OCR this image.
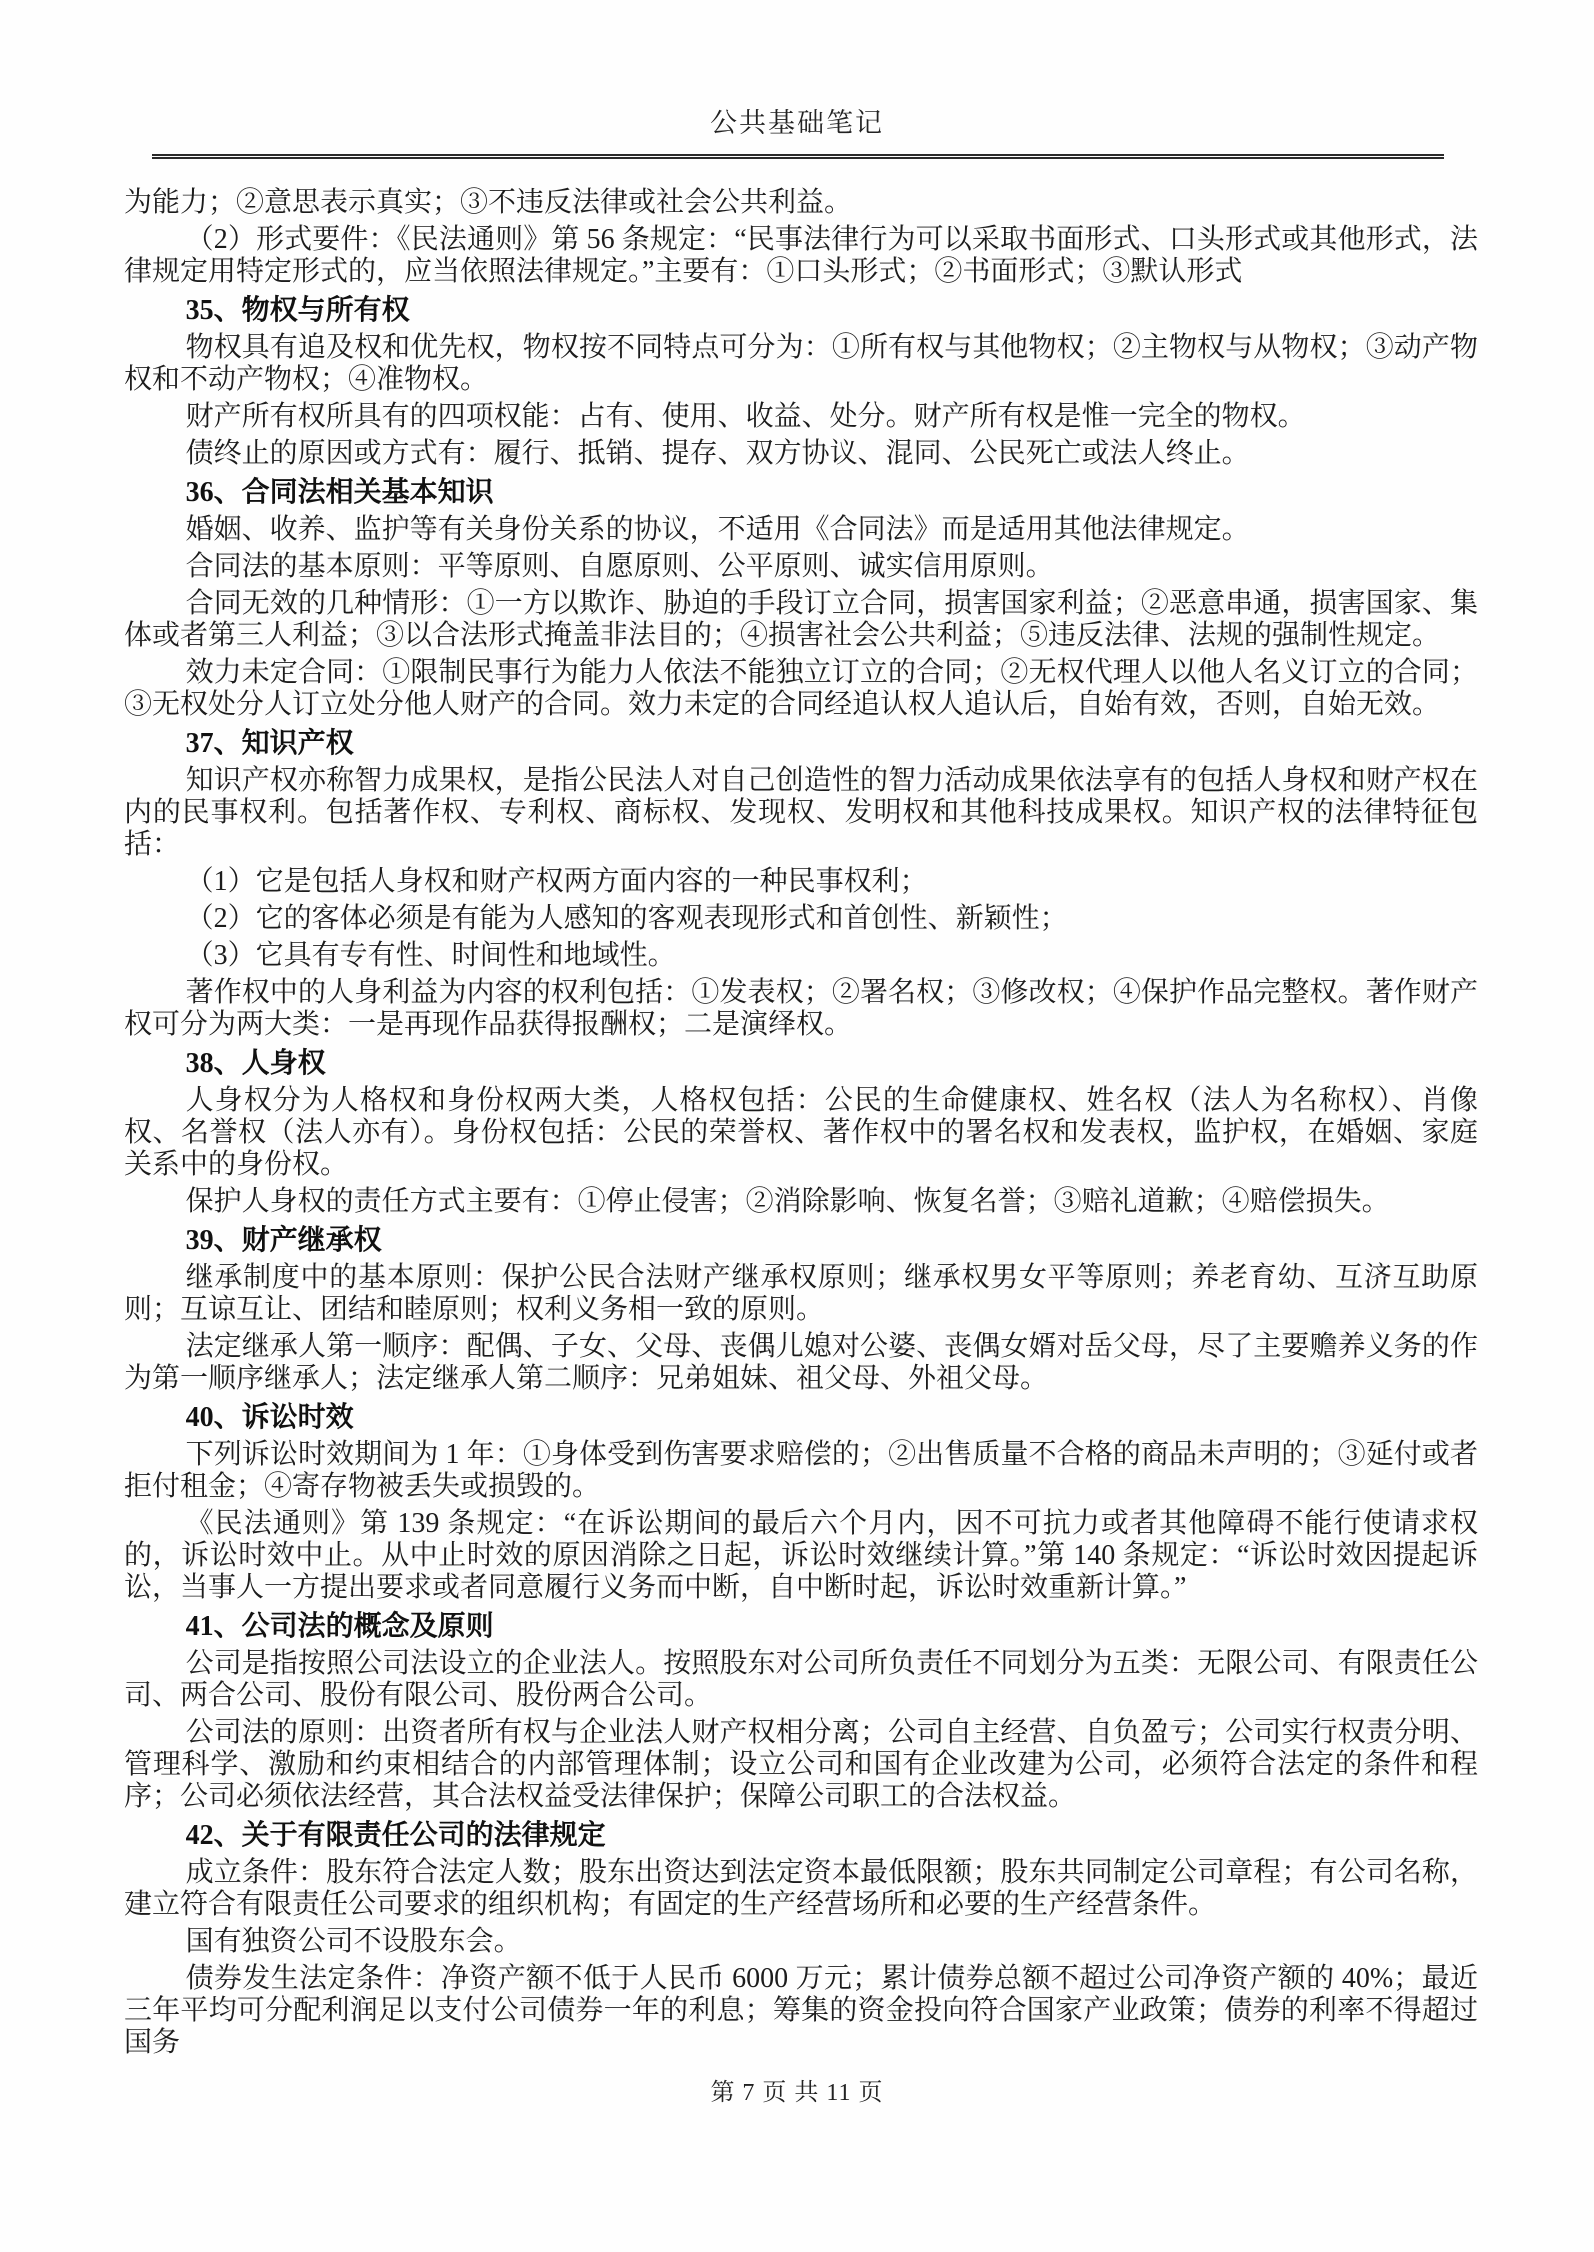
公共基础笔记

为能力；②意思表示真实；③不违反法律或社会公共利益。

（2）形式要件：《民法通则》第 56 条规定：“民事法律行为可以采取书面形式、口头形式或其他形式，法律规定用特定形式的，应当依照法律规定。”主要有：①口头形式；②书面形式；③默认形式

35、物权与所有权

物权具有追及权和优先权，物权按不同特点可分为：①所有权与其他物权；②主物权与从物权；③动产物权和不动产物权；④准物权。

财产所有权所具有的四项权能：占有、使用、收益、处分。财产所有权是惟一完全的物权。

债终止的原因或方式有：履行、抵销、提存、双方协议、混同、公民死亡或法人终止。

36、合同法相关基本知识

婚姻、收养、监护等有关身份关系的协议，不适用《合同法》而是适用其他法律规定。

合同法的基本原则：平等原则、自愿原则、公平原则、诚实信用原则。

合同无效的几种情形：①一方以欺诈、胁迫的手段订立合同，损害国家利益；②恶意串通，损害国家、集体或者第三人利益；③以合法形式掩盖非法目的；④损害社会公共利益；⑤违反法律、法规的强制性规定。

效力未定合同：①限制民事行为能力人依法不能独立订立的合同；②无权代理人以他人名义订立的合同；③无权处分人订立处分他人财产的合同。效力未定的合同经追认权人追认后，自始有效，否则，自始无效。

37、知识产权

知识产权亦称智力成果权，是指公民法人对自己创造性的智力活动成果依法享有的包括人身权和财产权在内的民事权利。包括著作权、专利权、商标权、发现权、发明权和其他科技成果权。知识产权的法律特征包括：

（1）它是包括人身权和财产权两方面内容的一种民事权利；

（2）它的客体必须是有能为人感知的客观表现形式和首创性、新颖性；

（3）它具有专有性、时间性和地域性。

著作权中的人身利益为内容的权利包括：①发表权；②署名权；③修改权；④保护作品完整权。著作财产权可分为两大类：一是再现作品获得报酬权；二是演绎权。

38、人身权

人身权分为人格权和身份权两大类，人格权包括：公民的生命健康权、姓名权（法人为名称权）、肖像权、名誉权（法人亦有）。身份权包括：公民的荣誉权、著作权中的署名权和发表权，监护权，在婚姻、家庭关系中的身份权。

保护人身权的责任方式主要有：①停止侵害；②消除影响、恢复名誉；③赔礼道歉；④赔偿损失。

39、财产继承权

继承制度中的基本原则：保护公民合法财产继承权原则；继承权男女平等原则；养老育幼、互济互助原则；互谅互让、团结和睦原则；权利义务相一致的原则。

法定继承人第一顺序：配偶、子女、父母、丧偶儿媳对公婆、丧偶女婿对岳父母，尽了主要赡养义务的作为第一顺序继承人；法定继承人第二顺序：兄弟姐妹、祖父母、外祖父母。

40、诉讼时效

下列诉讼时效期间为 1 年：①身体受到伤害要求赔偿的；②出售质量不合格的商品未声明的；③延付或者拒付租金；④寄存物被丢失或损毁的。

《民法通则》第 139 条规定：“在诉讼期间的最后六个月内，因不可抗力或者其他障碍不能行使请求权的，诉讼时效中止。从中止时效的原因消除之日起，诉讼时效继续计算。”第 140 条规定：“诉讼时效因提起诉讼，当事人一方提出要求或者同意履行义务而中断，自中断时起，诉讼时效重新计算。”

41、公司法的概念及原则

公司是指按照公司法设立的企业法人。按照股东对公司所负责任不同划分为五类：无限公司、有限责任公司、两合公司、股份有限公司、股份两合公司。

公司法的原则：出资者所有权与企业法人财产权相分离；公司自主经营、自负盈亏；公司实行权责分明、管理科学、激励和约束相结合的内部管理体制；设立公司和国有企业改建为公司，必须符合法定的条件和程序；公司必须依法经营，其合法权益受法律保护；保障公司职工的合法权益。

42、关于有限责任公司的法律规定

成立条件：股东符合法定人数；股东出资达到法定资本最低限额；股东共同制定公司章程；有公司名称，建立符合有限责任公司要求的组织机构；有固定的生产经营场所和必要的生产经营条件。

国有独资公司不设股东会。

债券发生法定条件：净资产额不低于人民币 6000 万元；累计债券总额不超过公司净资产额的 40%；最近三年平均可分配利润足以支付公司债券一年的利息；筹集的资金投向符合国家产业政策；债券的利率不得超过国务

第 7 页 共 11 页
